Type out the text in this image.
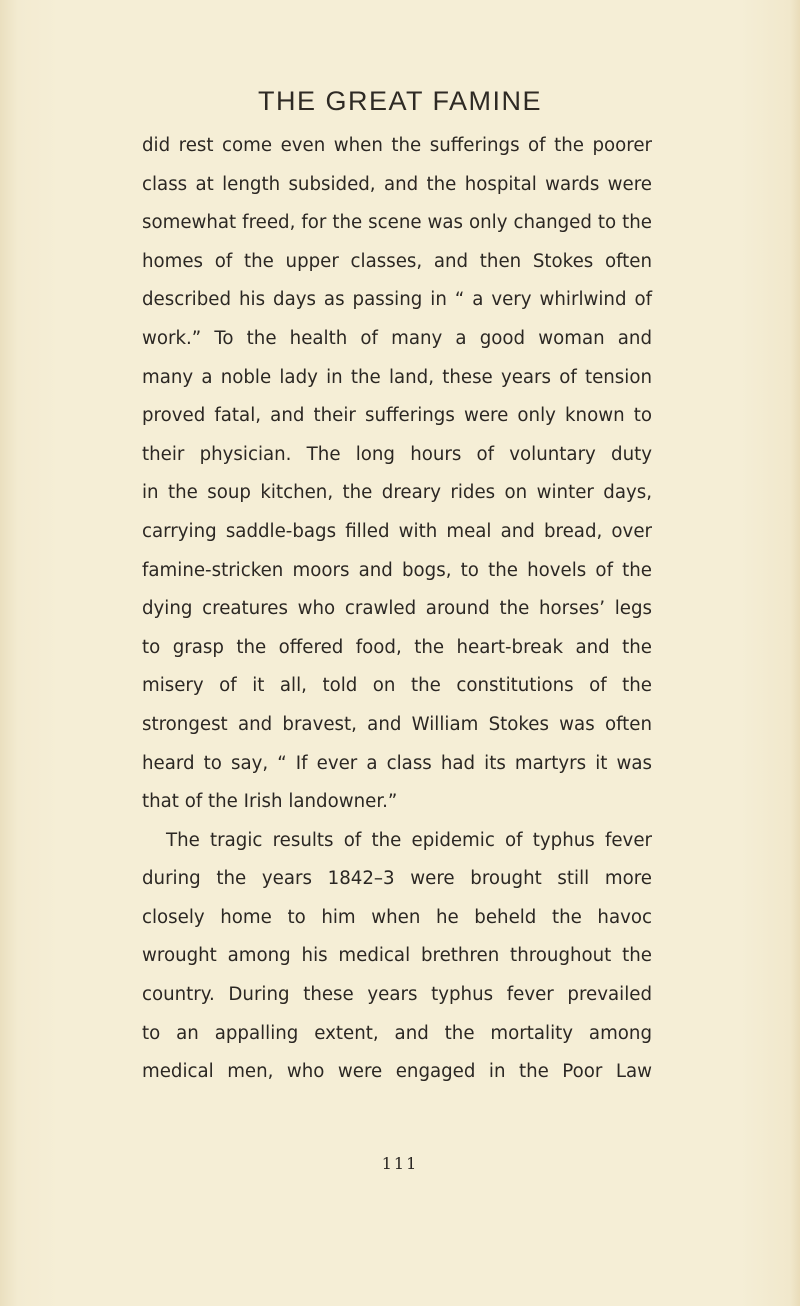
THE GREAT FAMINE
did rest come even when the sufferings of the poorer
class at length subsided, and the hospital wards were
somewhat freed, for the scene was only changed to the
homes of the upper classes, and then Stokes often
described his days as passing in “ a very whirlwind of
work.” To the health of many a good woman and
many a noble lady in the land, these years of tension
proved fatal, and their sufferings were only known to
their physician. The long hours of voluntary duty
in the soup kitchen, the dreary rides on winter days,
carrying saddle-bags filled with meal and bread, over
famine-stricken moors and bogs, to the hovels of the
dying creatures who crawled around the horses’ legs
to grasp the offered food, the heart-break and the
misery of it all, told on the constitutions of the
strongest and bravest, and William Stokes was often
heard to say, “ If ever a class had its martyrs it was
that of the Irish landowner.”
The tragic results of the epidemic of typhus fever
during the years 1842–3 were brought still more
closely home to him when he beheld the havoc
wrought among his medical brethren throughout the
country. During these years typhus fever prevailed
to an appalling extent, and the mortality among
medical men, who were engaged in the Poor Law
111
